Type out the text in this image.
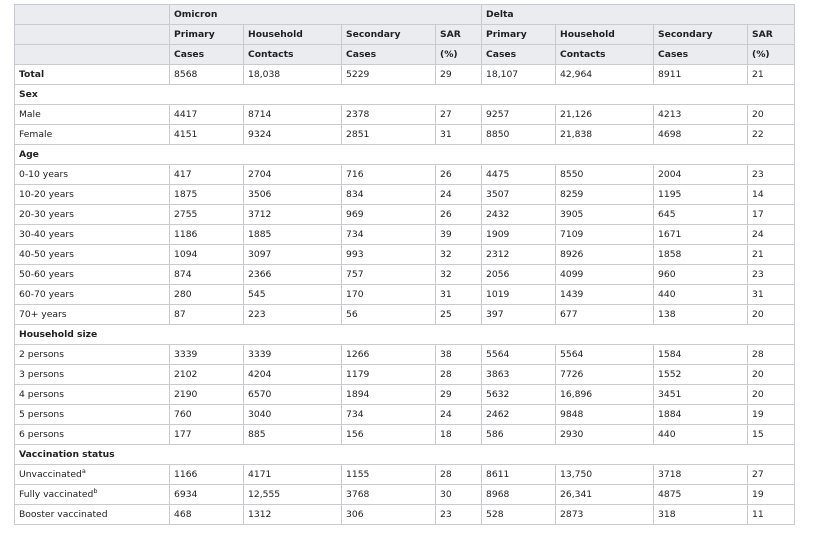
	Omicron				Delta			
	Primary	Household	Secondary	SAR	Primary	Household	Secondary	SAR
	Cases	Contacts	Cases	(%)	Cases	Contacts	Cases	(%)
Total	8568	18,038	5229	29	18,107	42,964	8911	21
Sex								
Male	4417	8714	2378	27	9257	21,126	4213	20
Female	4151	9324	2851	31	8850	21,838	4698	22
Age								
0-10 years	417	2704	716	26	4475	8550	2004	23
10-20 years	1875	3506	834	24	3507	8259	1195	14
20-30 years	2755	3712	969	26	2432	3905	645	17
30-40 years	1186	1885	734	39	1909	7109	1671	24
40-50 years	1094	3097	993	32	2312	8926	1858	21
50-60 years	874	2366	757	32	2056	4099	960	23
60-70 years	280	545	170	31	1019	1439	440	31
70+ years	87	223	56	25	397	677	138	20
Household size								
2 persons	3339	3339	1266	38	5564	5564	1584	28
3 persons	2102	4204	1179	28	3863	7726	1552	20
4 persons	2190	6570	1894	29	5632	16,896	3451	20
5 persons	760	3040	734	24	2462	9848	1884	19
6 persons	177	885	156	18	586	2930	440	15
Vaccination status								
Unvaccinated$^a$	1166	4171	1155	28	8611	13,750	3718	27
Fully vaccinated$^b$	6934	12,555	3768	30	8968	26,341	4875	19
Booster vaccinated	468	1312	306	23	528	2873	318	11
